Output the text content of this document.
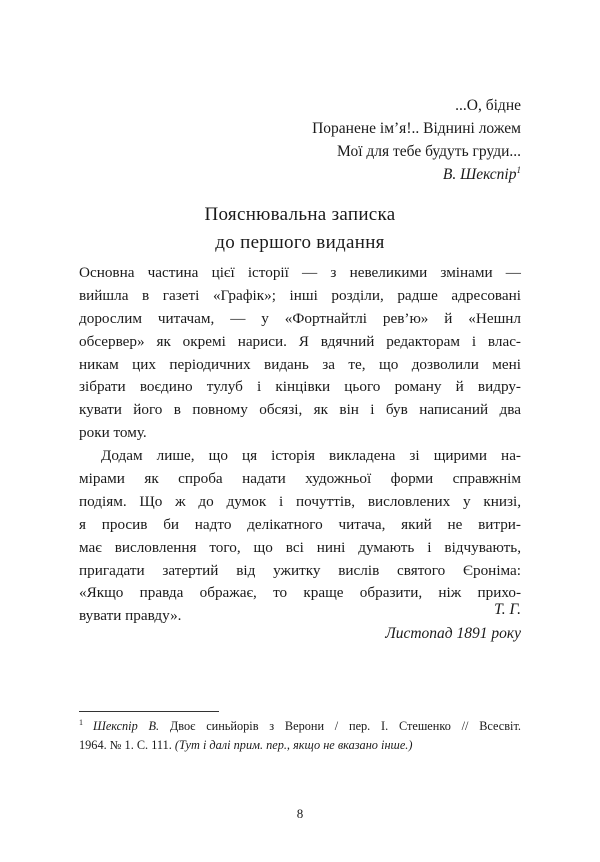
...О, бідне
Поранене ім’я!.. Віднині ложем
Мої для тебе будуть груди...
В. Шекспір$^1$
Пояснювальна записка
до першого видання
Основна частина цієї історії — з невеликими змінами —
вийшла в газеті «Графік»; інші розділи, радше адресовані
дорослим читачам, — у «Фортнайтлі рев’ю» й «Нешнл
обсервер» як окремі нариси. Я вдячний редакторам і влас-
никам цих періодичних видань за те, що дозволили мені
зібрати воєдино тулуб і кінцівки цього роману й видру-
кувати його в повному обсязі, як він і був написаний два
роки тому.
Додам лише, що ця історія викладена зі щирими на-
мірами як спроба надати художньої форми справжнім
подіям. Що ж до думок і почуттів, висловлених у книзі,
я просив би надто делікатного читача, який не витри-
має висловлення того, що всі нині думають і відчувають,
пригадати затертий від ужитку вислів святого Єроніма:
«Якщо правда ображає, то краще образити, ніж прихо-
вувати правду».	Т. Г.
Листопад 1891 року
$^1$ Шекспір В. Двоє синьйорів з Верони / пер. І. Стешенко // Всесвіт.
1964. № 1. С. 111. (Тут і далі прим. пер., якщо не вказано інше.)
8
